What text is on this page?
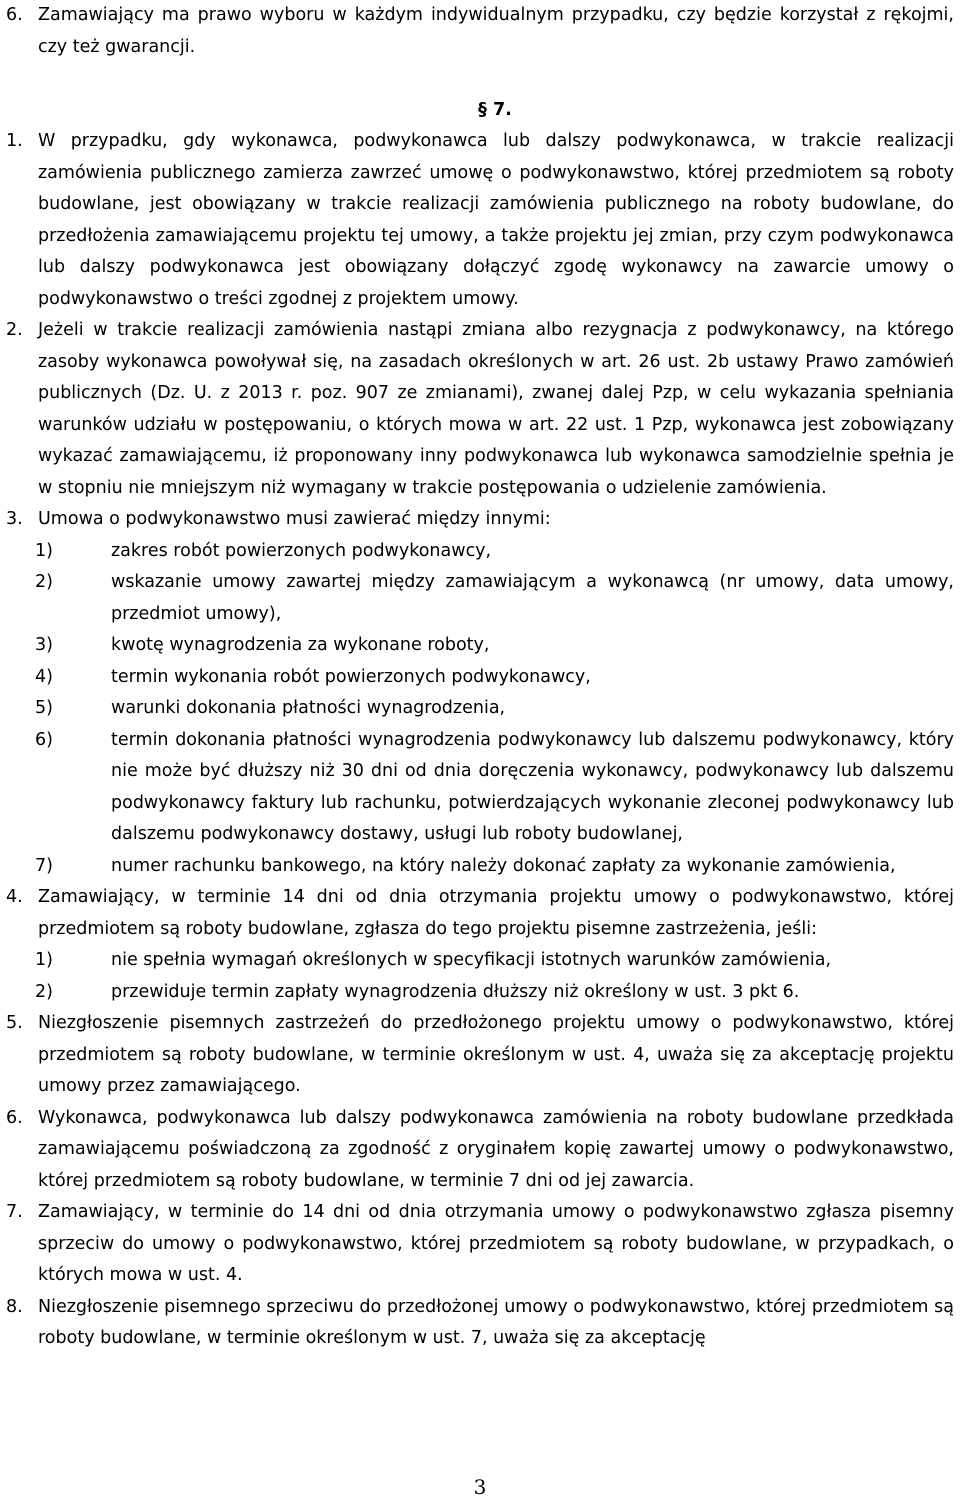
6. Zamawiający ma prawo wyboru w każdym indywidualnym przypadku, czy będzie korzystał z rękojmi, czy też gwarancji.
§ 7.
1. W przypadku, gdy wykonawca, podwykonawca lub dalszy podwykonawca, w trakcie realizacji zamówienia publicznego zamierza zawrzeć umowę o podwykonawstwo, której przedmiotem są roboty budowlane, jest obowiązany w trakcie realizacji zamówienia publicznego na roboty budowlane, do przedłożenia zamawiającemu projektu tej umowy, a także projektu jej zmian, przy czym podwykonawca lub dalszy podwykonawca jest obowiązany dołączyć zgodę wykonawcy na zawarcie umowy o podwykonawstwo o treści zgodnej z projektem umowy.
2. Jeżeli w trakcie realizacji zamówienia nastąpi zmiana albo rezygnacja z podwykonawcy, na którego zasoby wykonawca powoływał się, na zasadach określonych w art. 26 ust. 2b ustawy Prawo zamówień publicznych (Dz. U. z 2013 r. poz. 907 ze zmianami), zwanej dalej Pzp, w celu wykazania spełniania warunków udziału w postępowaniu, o których mowa w art. 22 ust. 1 Pzp, wykonawca jest zobowiązany wykazać zamawiającemu, iż proponowany inny podwykonawca lub wykonawca samodzielnie spełnia je w stopniu nie mniejszym niż wymagany w trakcie postępowania o udzielenie zamówienia.
3. Umowa o podwykonawstwo musi zawierać między innymi:
1)	zakres robót powierzonych podwykonawcy,
2)	wskazanie umowy zawartej między zamawiającym a wykonawcą (nr umowy, data umowy, przedmiot umowy),
3)	kwotę wynagrodzenia za wykonane roboty,
4)	termin wykonania robót powierzonych podwykonawcy,
5)	warunki dokonania płatności wynagrodzenia,
6)	termin dokonania płatności wynagrodzenia podwykonawcy lub dalszemu podwykonawcy, który nie może być dłuższy niż 30 dni od dnia doręczenia wykonawcy, podwykonawcy lub dalszemu podwykonawcy faktury lub rachunku, potwierdzających wykonanie zleconej podwykonawcy lub dalszemu podwykonawcy dostawy, usługi lub roboty budowlanej,
7)	numer rachunku bankowego, na który należy dokonać zapłaty za wykonanie zamówienia,
4. Zamawiający, w terminie 14 dni od dnia otrzymania projektu umowy o podwykonawstwo, której przedmiotem są roboty budowlane, zgłasza do tego projektu pisemne zastrzeżenia, jeśli:
1)	nie spełnia wymagań określonych w specyfikacji istotnych warunków zamówienia,
2)	przewiduje termin zapłaty wynagrodzenia dłuższy niż określony w ust. 3 pkt 6.
5. Niezgłoszenie pisemnych zastrzeżeń do przedłożonego projektu umowy o podwykonawstwo, której przedmiotem są roboty budowlane, w terminie określonym w ust. 4, uważa się za akceptację projektu umowy przez zamawiającego.
6. Wykonawca, podwykonawca lub dalszy podwykonawca zamówienia na roboty budowlane przedkłada zamawiającemu poświadczoną za zgodność z oryginałem kopię zawartej umowy o podwykonawstwo, której przedmiotem są roboty budowlane, w terminie 7 dni od jej zawarcia.
7. Zamawiający, w terminie do 14 dni od dnia otrzymania umowy o podwykonawstwo zgłasza pisemny sprzeciw do umowy o podwykonawstwo, której przedmiotem są roboty budowlane, w przypadkach, o których mowa w ust. 4.
8. Niezgłoszenie pisemnego sprzeciwu do przedłożonej umowy o podwykonawstwo, której przedmiotem są roboty budowlane, w terminie określonym w ust. 7, uważa się za akceptację
3
